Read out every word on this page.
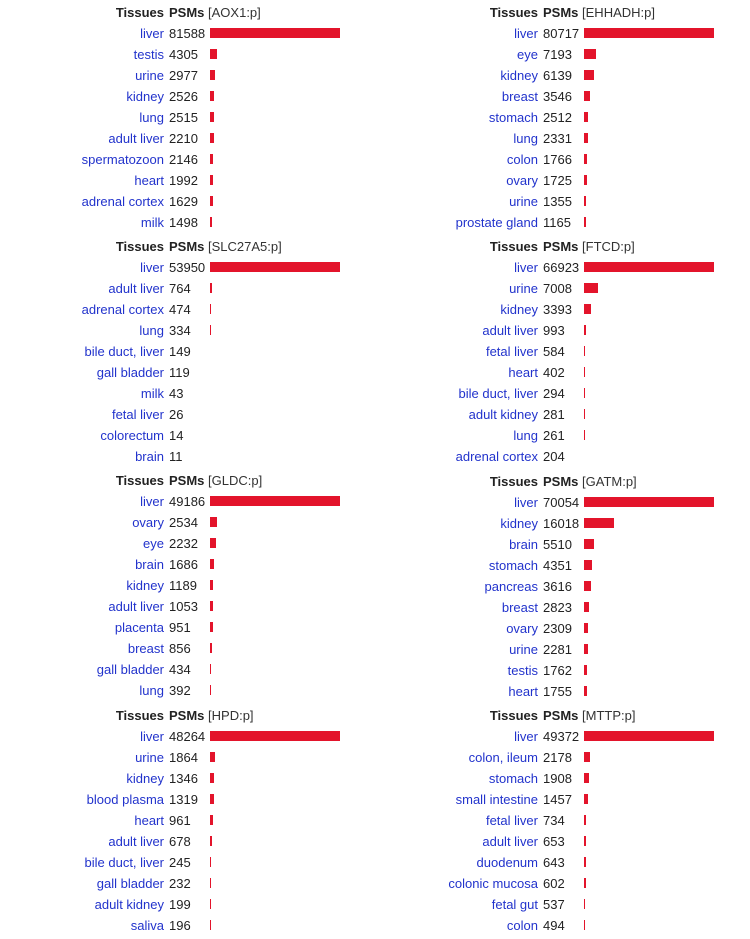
Tissues PSMs [AOX1:p]
liver 81588
testis 4305
urine 2977
kidney 2526
lung 2515
adult liver 2210
spermatozoon 2146
heart 1992
adrenal cortex 1629
milk 1498
Tissues PSMs [EHHADH:p]
liver 80717
eye 7193
kidney 6139
breast 3546
stomach 2512
lung 2331
colon 1766
ovary 1725
urine 1355
prostate gland 1165
Tissues PSMs [SLC27A5:p]
liver 53950
adult liver 764
adrenal cortex 474
lung 334
bile duct, liver 149
gall bladder 119
milk 43
fetal liver 26
colorectum 14
brain 11
Tissues PSMs [FTCD:p]
liver 66923
urine 7008
kidney 3393
adult liver 993
fetal liver 584
heart 402
bile duct, liver 294
adult kidney 281
lung 261
adrenal cortex 204
Tissues PSMs [GLDC:p]
liver 49186
ovary 2534
eye 2232
brain 1686
kidney 1189
adult liver 1053
placenta 951
breast 856
gall bladder 434
lung 392
Tissues PSMs [GATM:p]
liver 70054
kidney 16018
brain 5510
stomach 4351
pancreas 3616
breast 2823
ovary 2309
urine 2281
testis 1762
heart 1755
Tissues PSMs [HPD:p]
liver 48264
urine 1864
kidney 1346
blood plasma 1319
heart 961
adult liver 678
bile duct, liver 245
gall bladder 232
adult kidney 199
saliva 196
Tissues PSMs [MTTP:p]
liver 49372
colon, ileum 2178
stomach 1908
small intestine 1457
fetal liver 734
adult liver 653
duodenum 643
colonic mucosa 602
fetal gut 537
colon 494
